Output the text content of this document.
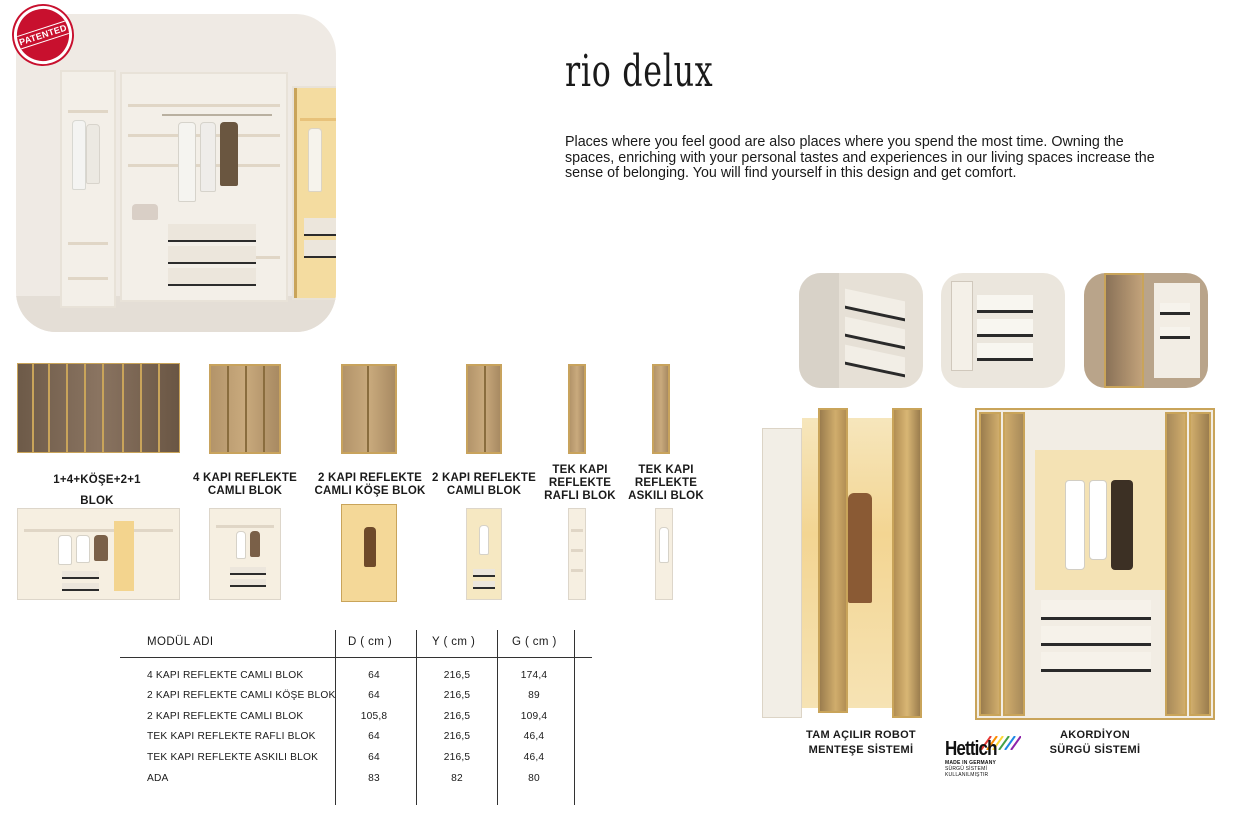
PATENTED
rio delux

Places where you feel good are also places where you spend the most time. Owning the spaces, enriching with your personal tastes and experiences in our living spaces increase the sense of belonging. You will find yourself in this design and get comfort.

1+4+KÖŞE+2+1
BLOK
4 KAPI REFLEKTE
CAMLI BLOK
2 KAPI REFLEKTE
CAMLI KÖŞE BLOK
2 KAPI REFLEKTE
CAMLI BLOK
TEK KAPI
REFLEKTE
RAFLI BLOK
TEK KAPI
REFLEKTE
ASKILI BLOK
MODÜL ADI	D ( cm )	Y ( cm )	G ( cm )
4 KAPI REFLEKTE CAMLI BLOK	64	216,5	174,4
2 KAPI REFLEKTE CAMLI KÖŞE BLOK	64	216,5	89
2 KAPI REFLEKTE CAMLI BLOK	105,8	216,5	109,4
TEK KAPI REFLEKTE RAFLI BLOK	64	216,5	46,4
TEK KAPI REFLEKTE ASKILI BLOK	64	216,5	46,4
ADA	83	82	80
TAM AÇILIR ROBOT
MENTEŞE SİSTEMİ
AKORDİYON
SÜRGÜ SİSTEMİ
Hettich
MADE IN GERMANY
SÜRGÜ SİSTEMİ KULLANILMIŞTIR
